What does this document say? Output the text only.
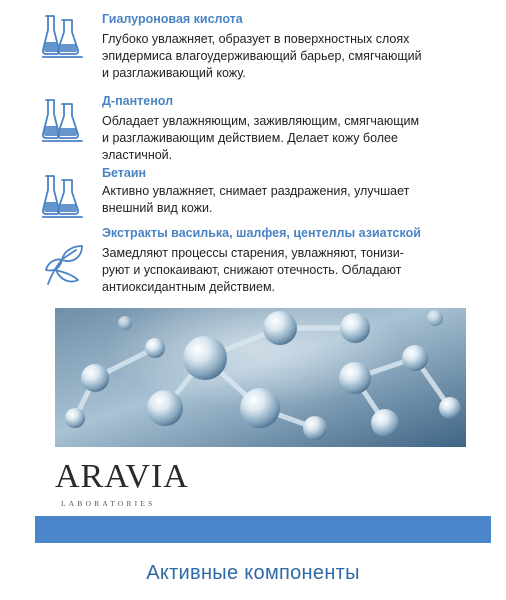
Гиалуроновая кислота
Глубоко увлажняет, образует в поверхностных слоях
эпидермиса влагоудерживающий барьер, смягчающий
и разглаживающий кожу.
Д-пантенол
Обладает увлажняющим, заживляющим, смягчающим
и разглаживающим действием. Делает кожу более
эластичной.
Бетаин
Активно увлажняет, снимает раздражения, улучшает
внешний вид кожи.
Экстракты василька, шалфея, центеллы азиатской
Замедляют процессы старения, увлажняют, тонизи-
руют и успокаивают, снижают отечность. Обладают
антиоксидантным действием.
ARAVIA
LABORATORIES
Активные компоненты
